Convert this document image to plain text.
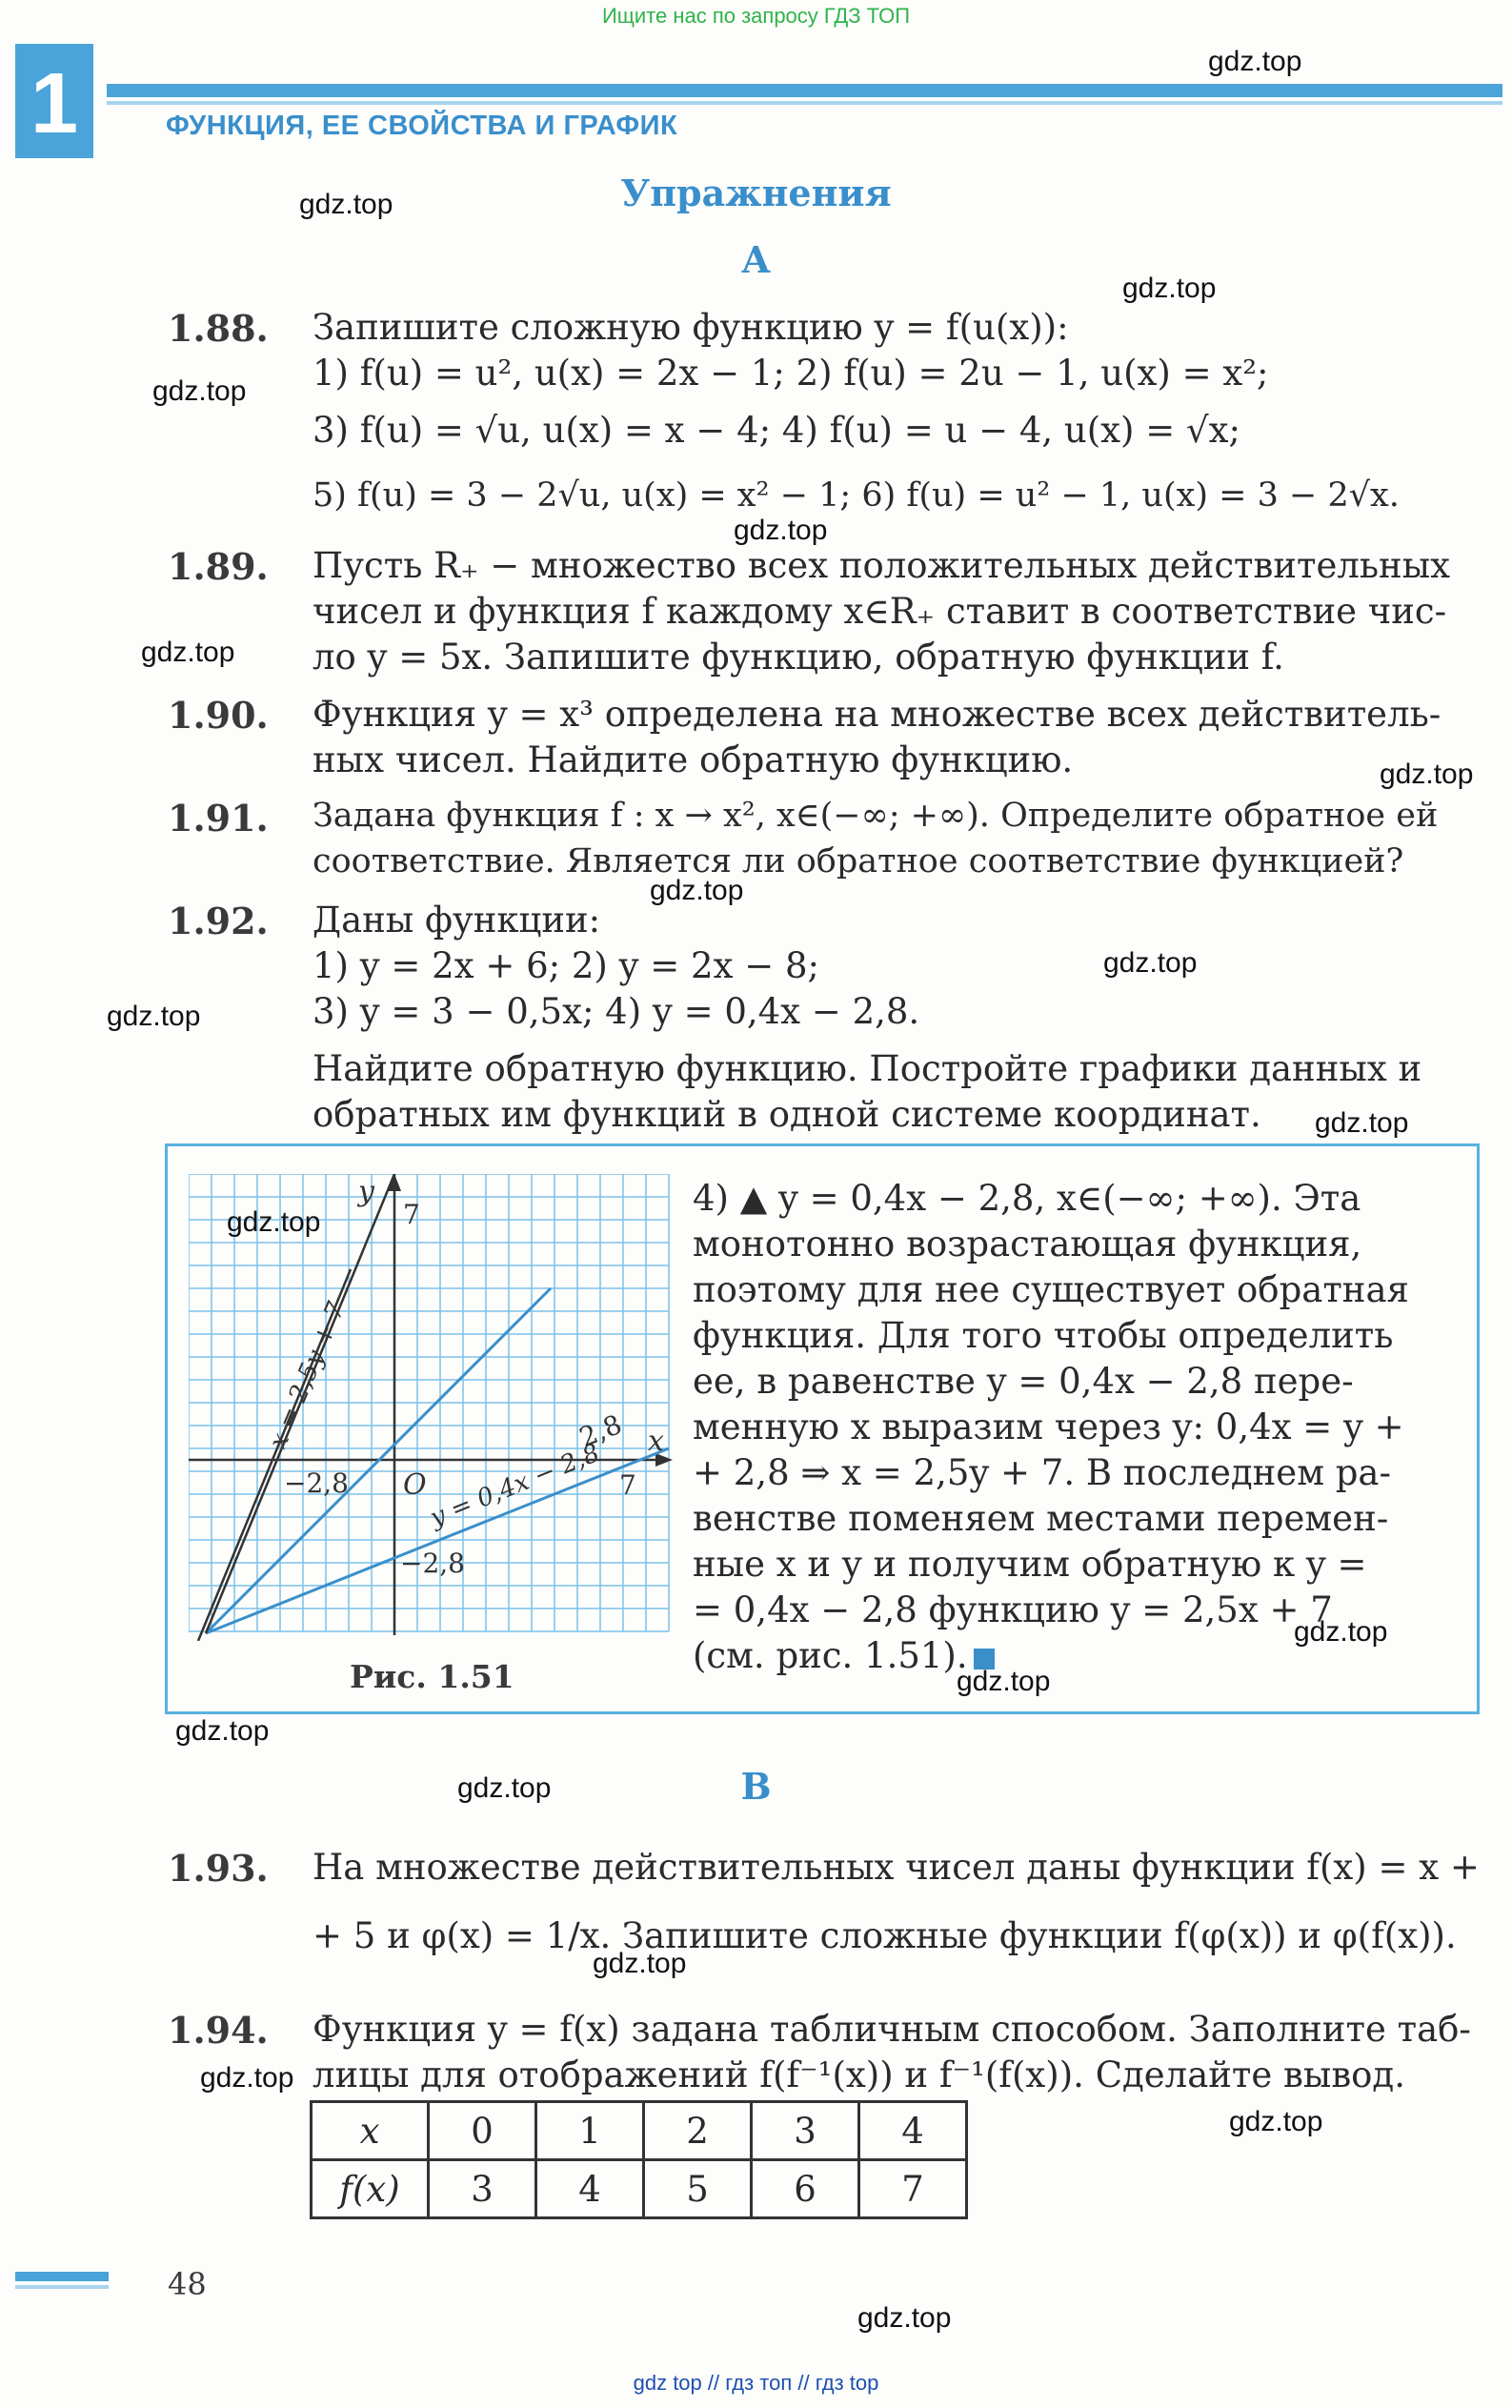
Ищите нас по запросу ГДЗ ТОП
1	ФУНКЦИЯ, ЕЕ СВОЙСТВА И ГРАФИК
Упражнения
А
1.88. Запишите сложную функцию y = f(u(x)):
1) f(u) = u², u(x) = 2x − 1; 2) f(u) = 2u − 1, u(x) = x²;
3) f(u) = √u, u(x) = x − 4; 4) f(u) = u − 4, u(x) = √x;
5) f(u) = 3 − 2√u, u(x) = x² − 1; 6) f(u) = u² − 1, u(x) = 3 − 2√x.
1.89. Пусть R₊ − множество всех положительных действительных
чисел и функция f каждому x∈R₊ ставит в соответствие чис-
ло y = 5x. Запишите функцию, обратную функции f.
1.90. Функция y = x³ определена на множестве всех действитель-
ных чисел. Найдите обратную функцию.
1.91. Задана функция f : x → x², x∈(−∞; +∞). Определите обратное ей
соответствие. Является ли обратное соответствие функцией?
1.92. Даны функции:
1) y = 2x + 6; 2) y = 2x − 8;
3) y = 3 − 0,5x; 4) y = 0,4x − 2,8.
Найдите обратную функцию. Постройте графики данных и
обратных им функций в одной системе координат.
y
7
x
O	7
−2,8
−2,8
2,8
x = 2,5y + 7
y = 0,4x − 2,8
4) ▲ y = 0,4x − 2,8, x∈(−∞; +∞). Эта
монотонно возрастающая функция,
поэтому для нее существует обратная
функция. Для того чтобы определить
ее, в равенстве y = 0,4x − 2,8 пере-
менную x выразим через y: 0,4x = y +
+ 2,8 ⇒ x = 2,5y + 7. В последнем ра-
венстве поменяем местами перемен-
ные x и y и получим обратную к y =
= 0,4x − 2,8 функцию y = 2,5x + 7
(см. рис. 1.51).
Рис. 1.51
В
1.93. На множестве действительных чисел даны функции f(x) = x +
+ 5 и φ(x) = 1/x. Запишите сложные функции f(φ(x)) и φ(f(x)).
1.94. Функция y = f(x) задана табличным способом. Заполните таб-
лицы для отображений f(f⁻¹(x)) и f⁻¹(f(x)). Сделайте вывод.
x	0	1	2	3	4
f(x)	3	4	5	6	7
48
gdz.top
gdz.top
gdz.top
gdz.top
gdz.top
gdz.top
gdz.top
gdz.top
gdz.top
gdz.top
gdz.top
gdz.top
gdz.top
gdz.top
gdz.top
gdz.top
gdz.top
gdz.top
gdz.top
gdz.top
gdz top // гдз топ // гдз top
